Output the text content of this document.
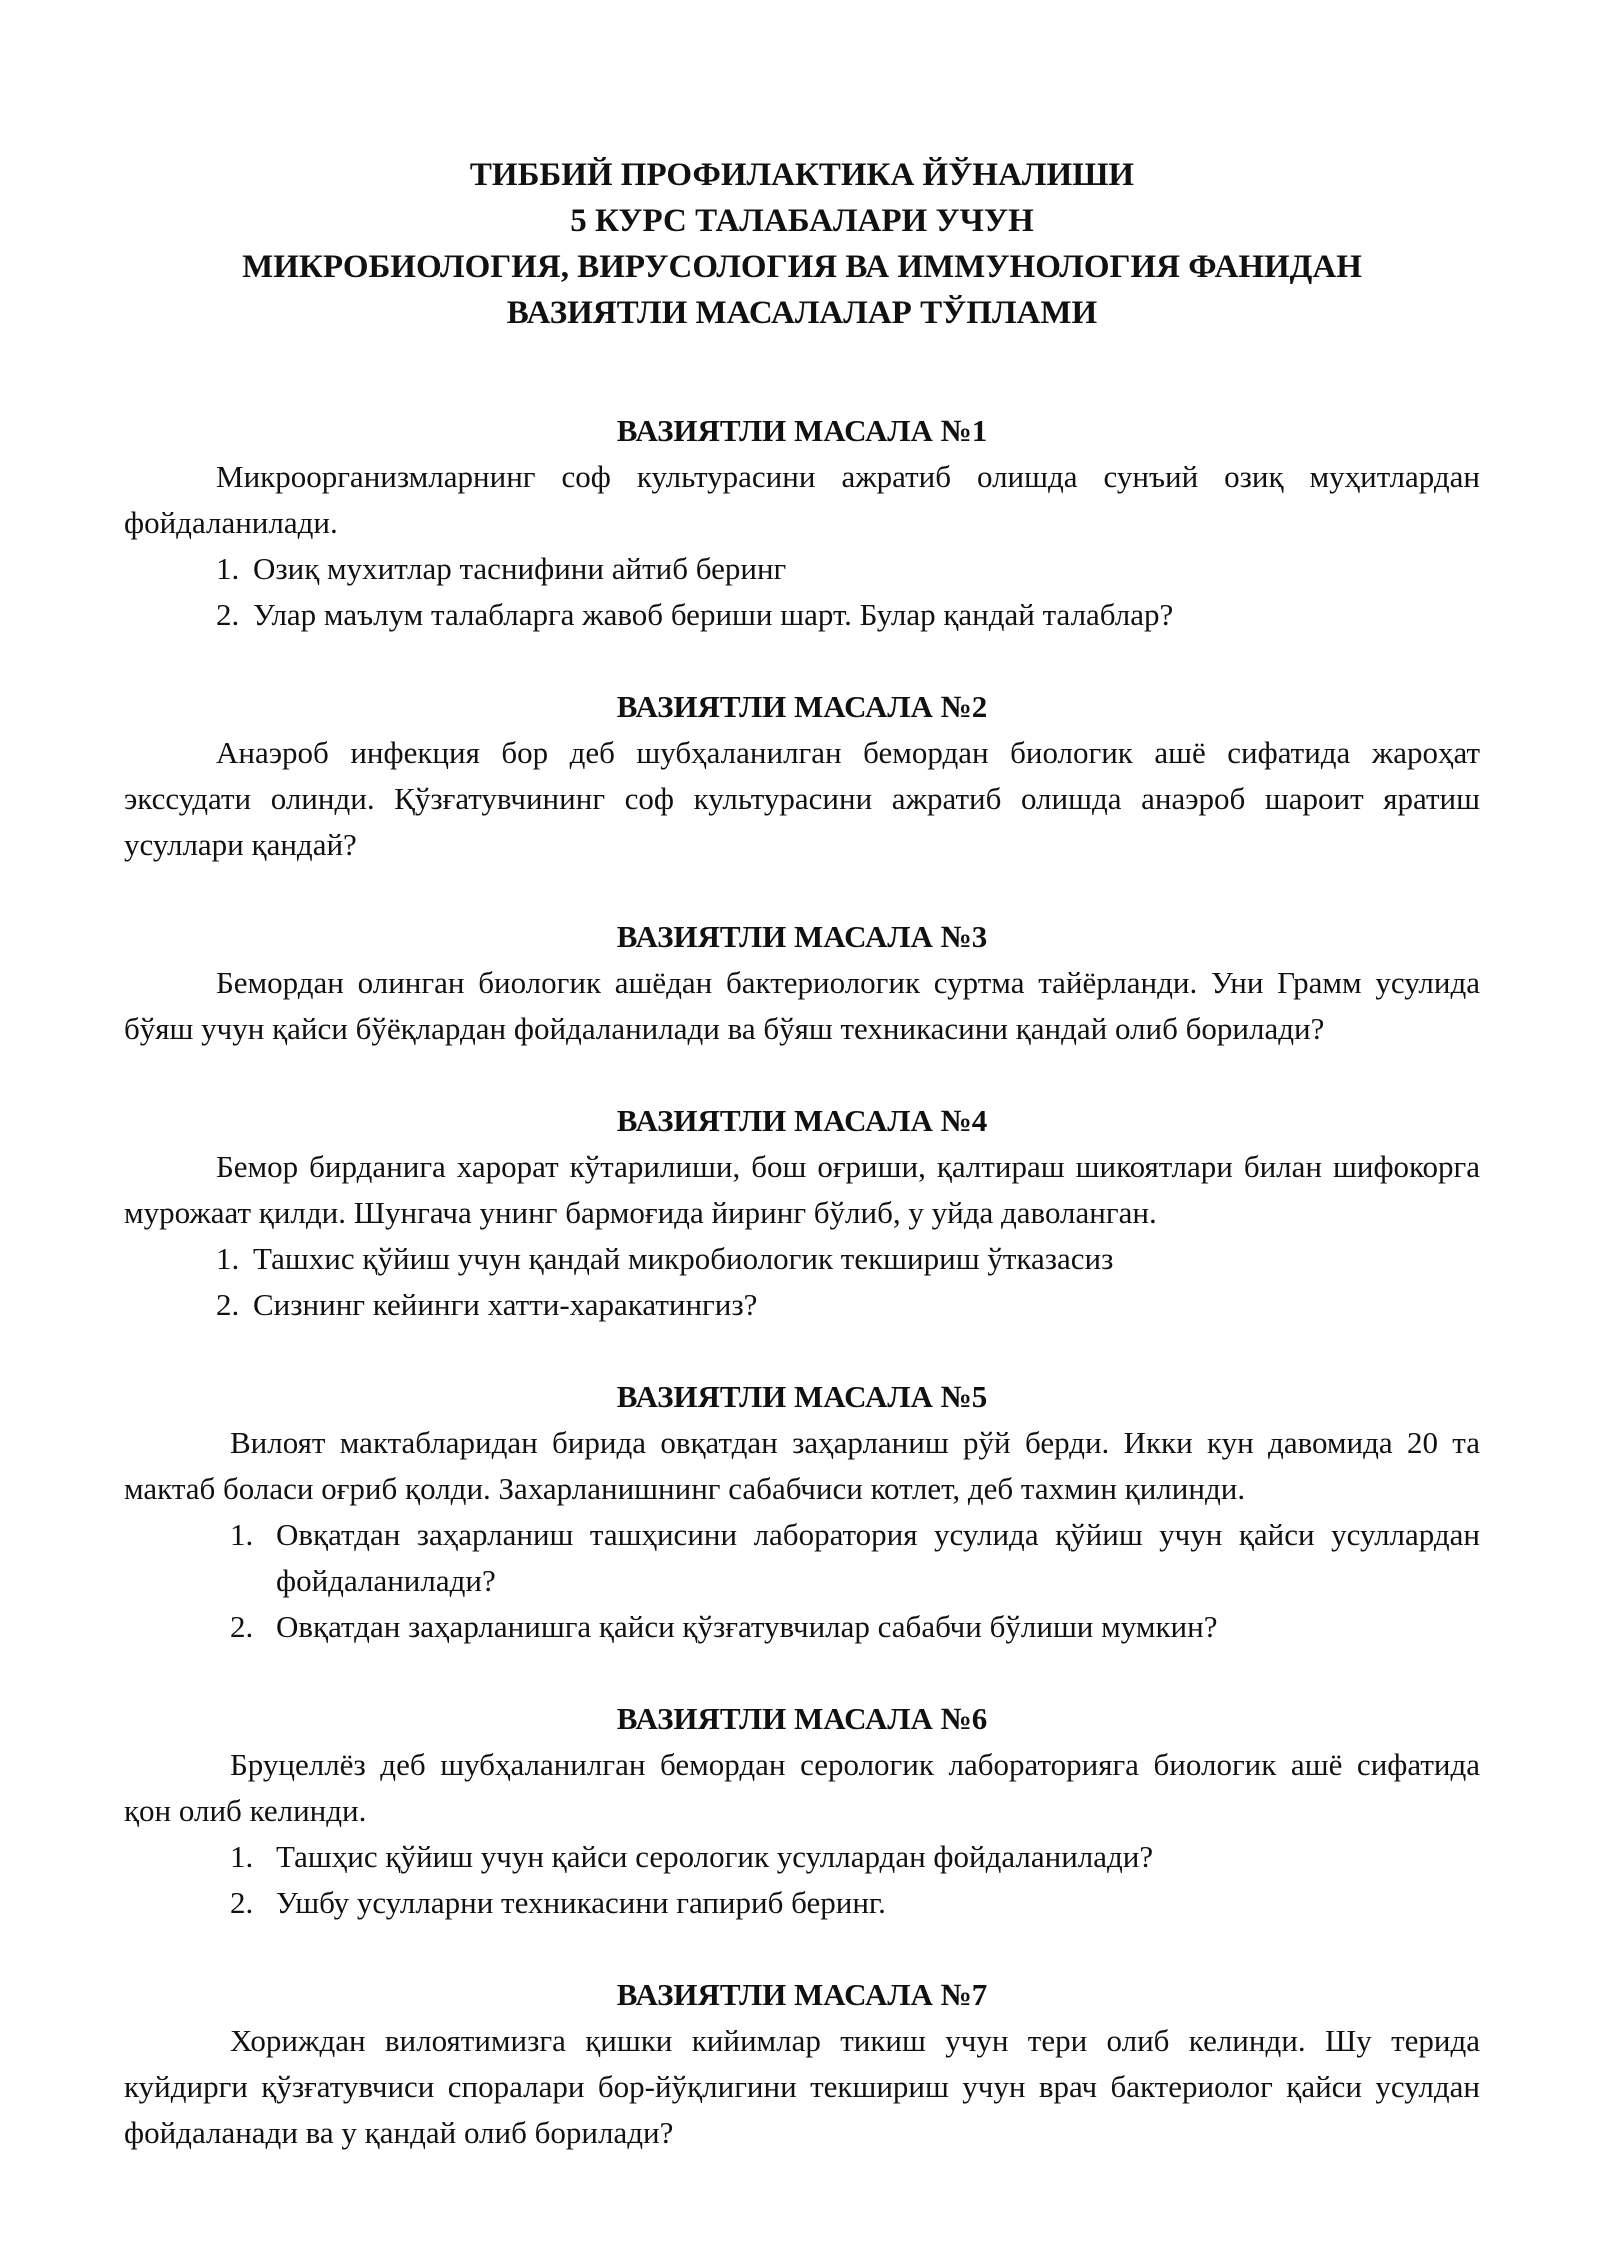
ТИББИЙ ПРОФИЛАКТИКА ЙЎНАЛИШИ
5 КУРС ТАЛАБАЛАРИ УЧУН
МИКРОБИОЛОГИЯ, ВИРУСОЛОГИЯ ВА ИММУНОЛОГИЯ ФАНИДАН
ВАЗИЯТЛИ МАСАЛАЛАР ТЎПЛАМИ
ВАЗИЯТЛИ МАСАЛА №1

Микроорганизмларнинг соф культурасини ажратиб олишда сунъий озиқ муҳитлардан фойдаланилади.

1. Озиқ мухитлар таснифини айтиб беринг
2. Улар маълум талабларга жавоб бериши шарт. Булар қандай талаблар?
ВАЗИЯТЛИ МАСАЛА №2

Анаэроб инфекция бор деб шубҳаланилган бемордан биологик ашё сифатида жароҳат экссудати олинди. Қўзғатувчининг соф культурасини ажратиб олишда анаэроб шароит яратиш усуллари қандай?

ВАЗИЯТЛИ МАСАЛА №3

Бемордан олинган биологик ашёдан бактериологик суртма тайёрланди. Уни Грамм усулида бўяш учун қайси бўёқлардан фойдаланилади ва бўяш техникасини қандай олиб борилади?

ВАЗИЯТЛИ МАСАЛА №4

Бемор бирданига харорат кўтарилиши, бош оғриши, қалтираш шикоятлари билан шифокорга мурожаат қилди. Шунгача унинг бармоғида йиринг бўлиб, у уйда даволанган.

1. Ташхис қўйиш учун қандай микробиологик текшириш ўтказасиз
2. Сизнинг кейинги хатти-харакатингиз?
ВАЗИЯТЛИ МАСАЛА №5

Вилоят мактабларидан бирида овқатдан заҳарланиш рўй берди. Икки кун давомида 20 та мактаб боласи оғриб қолди. Захарланишнинг сабабчиси котлет, деб тахмин қилинди.

1. Овқатдан заҳарланиш ташҳисини лаборатория усулида қўйиш учун қайси усуллардан фойдаланилади?
2. Овқатдан заҳарланишга қайси қўзғатувчилар сабабчи бўлиши мумкин?
ВАЗИЯТЛИ МАСАЛА №6

Бруцеллёз деб шубҳаланилган бемордан серологик лабораторияга биологик ашё сифатида қон олиб келинди.

1. Ташҳис қўйиш учун қайси серологик усуллардан фойдаланилади?
2. Ушбу усулларни техникасини гапириб беринг.
ВАЗИЯТЛИ МАСАЛА №7

Хориждан вилоятимизга қишки кийимлар тикиш учун тери олиб келинди. Шу терида куйдирги қўзғатувчиси споралари бор-йўқлигини текшириш учун врач бактериолог қайси усулдан фойдаланади ва у қандай олиб борилади?
